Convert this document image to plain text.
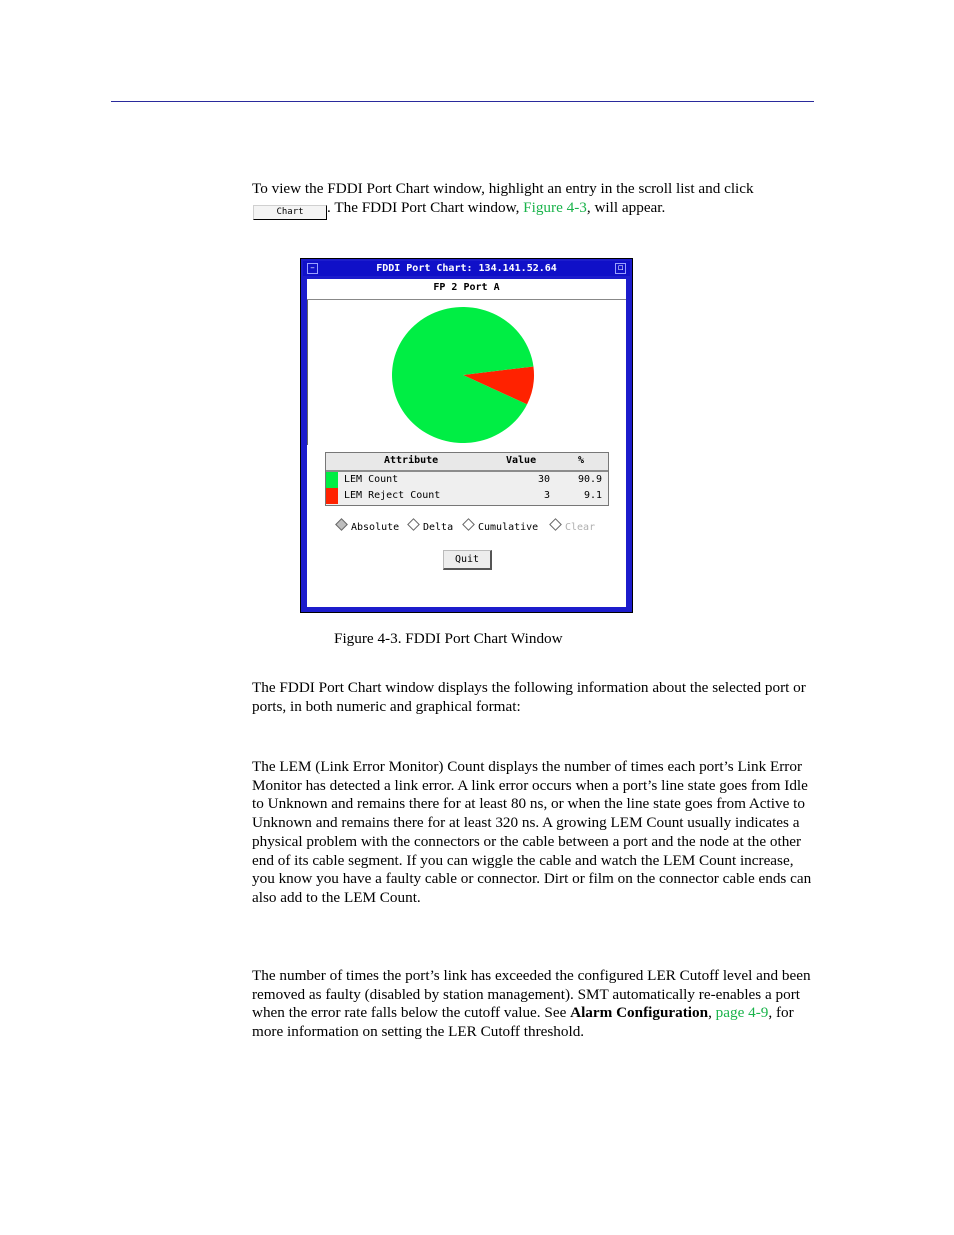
To view the FDDI Port Chart window, highlight an entry in the scroll list and click
Chart . The FDDI Port Chart window, Figure 4-3, will appear.
–	FDDI Port Chart: 134.141.52.64	▫
FP 2 Port A
Attribute	Value	%
LEM Count	30	90.9
LEM Reject Count	3	9.1
Absolute	Delta	Cumulative	Clear
Quit
Figure 4-3. FDDI Port Chart Window
The FDDI Port Chart window displays the following information about the selected port or ports, in both numeric and graphical format:
The LEM (Link Error Monitor) Count displays the number of times each port’s Link Error Monitor has detected a link error. A link error occurs when a port’s line state goes from Idle to Unknown and remains there for at least 80 ns, or when the line state goes from Active to Unknown and remains there for at least 320 ns. A growing LEM Count usually indicates a physical problem with the connectors or the cable between a port and the node at the other end of its cable segment. If you can wiggle the cable and watch the LEM Count increase, you know you have a faulty cable or connector. Dirt or film on the connector cable ends can also add to the LEM Count.
The number of times the port’s link has exceeded the configured LER Cutoff level and been removed as faulty (disabled by station management). SMT automatically re-enables a port when the error rate falls below the cutoff value. See Alarm Configuration, page 4-9, for more information on setting the LER Cutoff threshold.
